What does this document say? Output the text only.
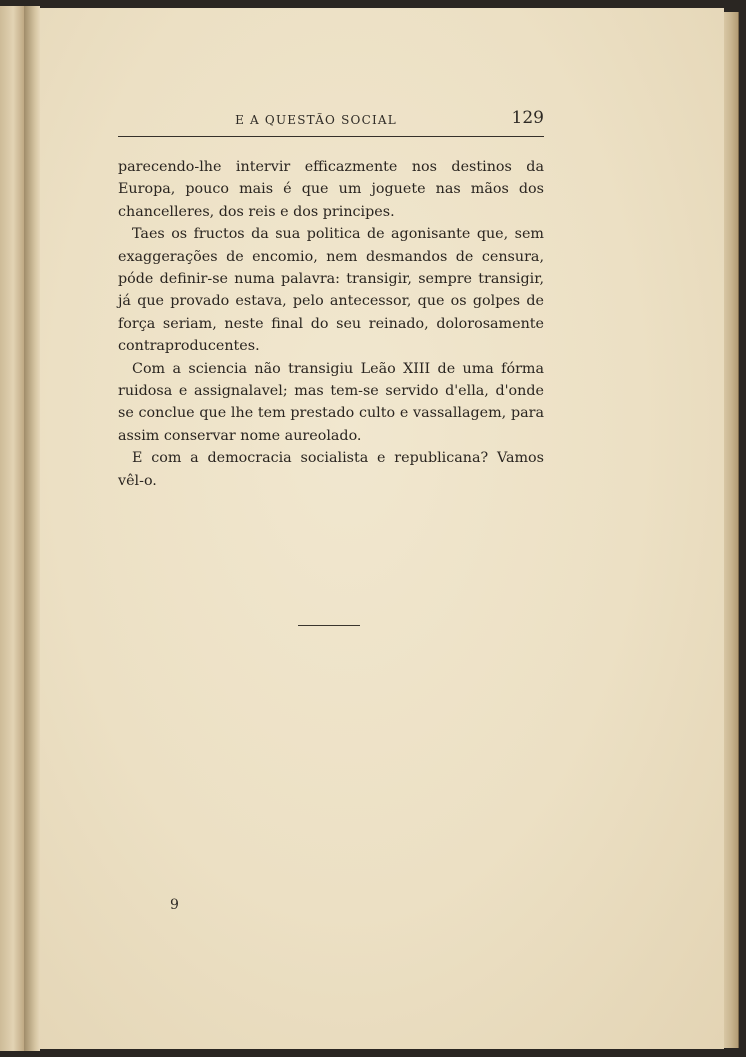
E A QUESTÃO SOCIAL	129

parecendo-lhe intervir efficazmente nos destinos da Europa, pouco mais é que um joguete nas mãos dos chancelleres, dos reis e dos principes.

Taes os fructos da sua politica de agonisante que, sem exaggerações de encomio, nem desmandos de censura, póde definir-se numa palavra: transigir, sempre transigir, já que provado estava, pelo antecessor, que os golpes de força seriam, neste final do seu reinado, dolorosamente contraproducentes.

Com a sciencia não transigiu Leão XIII de uma fórma ruidosa e assignalavel; mas tem-se servido d'ella, d'onde se conclue que lhe tem prestado culto e vassallagem, para assim conservar nome aureolado.

E com a democracia socialista e republicana? Vamos vêl-o.

9
